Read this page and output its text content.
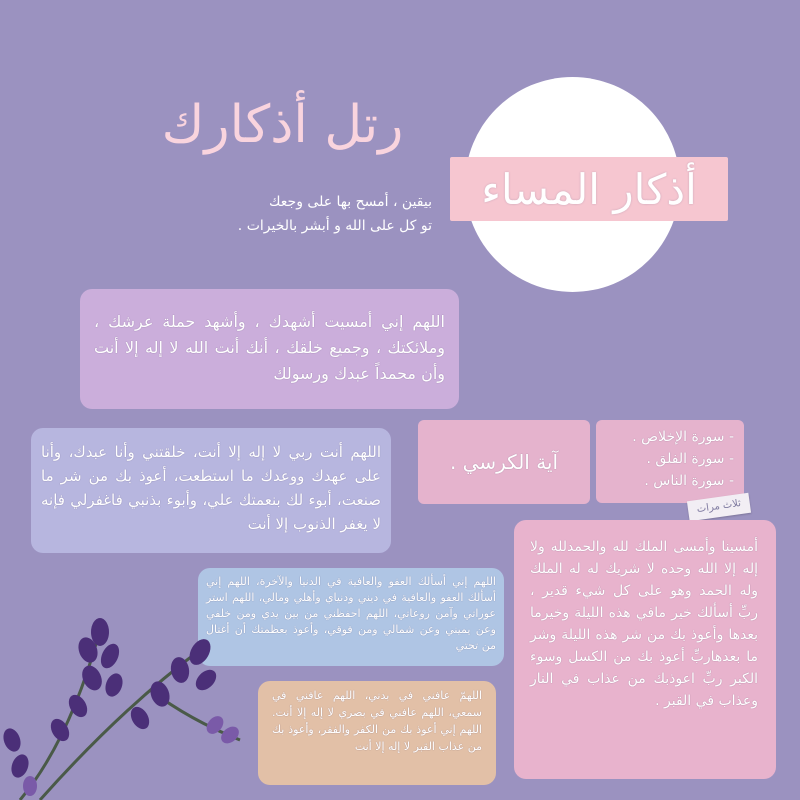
أذكار المساء
رتل أذكارك
بيقين ، أمسح بها على وجعك
تو كل على الله و أبشر بالخيرات .
اللهم إني أمسيت أشهدك ، وأشهد حملة عرشك ، وملائكتك ، وجميع خلقك ، أنك أنت الله لا إله إلا أنت وأن محمداً عبدك ورسولك
اللهم أنت ربي لا إله إلا أنت، خلقتني وأنا عبدك، وأنا على عهدك ووعدك ما استطعت، أعوذ بك من شر ما صنعت، أبوء لك بنعمتك علي، وأبوء بذنبي فاغفرلي فإنه لا يغفر الذنوب إلا أنت
آية الكرسي .
- سورة الإخلاص .
- سورة الفلق .
- سورة الناس .
ثلاث مرات
اللهم إني أسألك العفو والعافية في الدنيا والآخرة، اللهم إني أسألك العفو والعافية في ديني ودنياي وأهلي ومالي، اللهم استر عوراتي وآمن روعاتي، اللهم احفظني من بين يدي ومن خلفي وعن يميني وعن شمالي ومن فوقي، وأعوذ بعظمتك أن أغتال من تحتي
أمسينا وأمسى الملك لله والحمدلله ولا إله إلا الله وحده لا شريك له له الملك وله الحمد وهو على كل شيء قدير ، ربِّ أسألك خير مافي هذه الليلة وخيرما بعدها وأعوذ بك من شر هذه الليلة وشر ما بعدهاربِّ أعوذ بك من الكسل وسوء الكبر ربِّ اعوذبك من عذاب في النار وعذاب في القبر .
اللهمّ عافني في بدني، اللهم عافني في سمعي، اللهم عافني في بصري لا إله إلا أنت. اللهم إني أعوذ بك من الكفر والفقر، وأعوذ بك من عذاب القبر لا إله إلا أنت
